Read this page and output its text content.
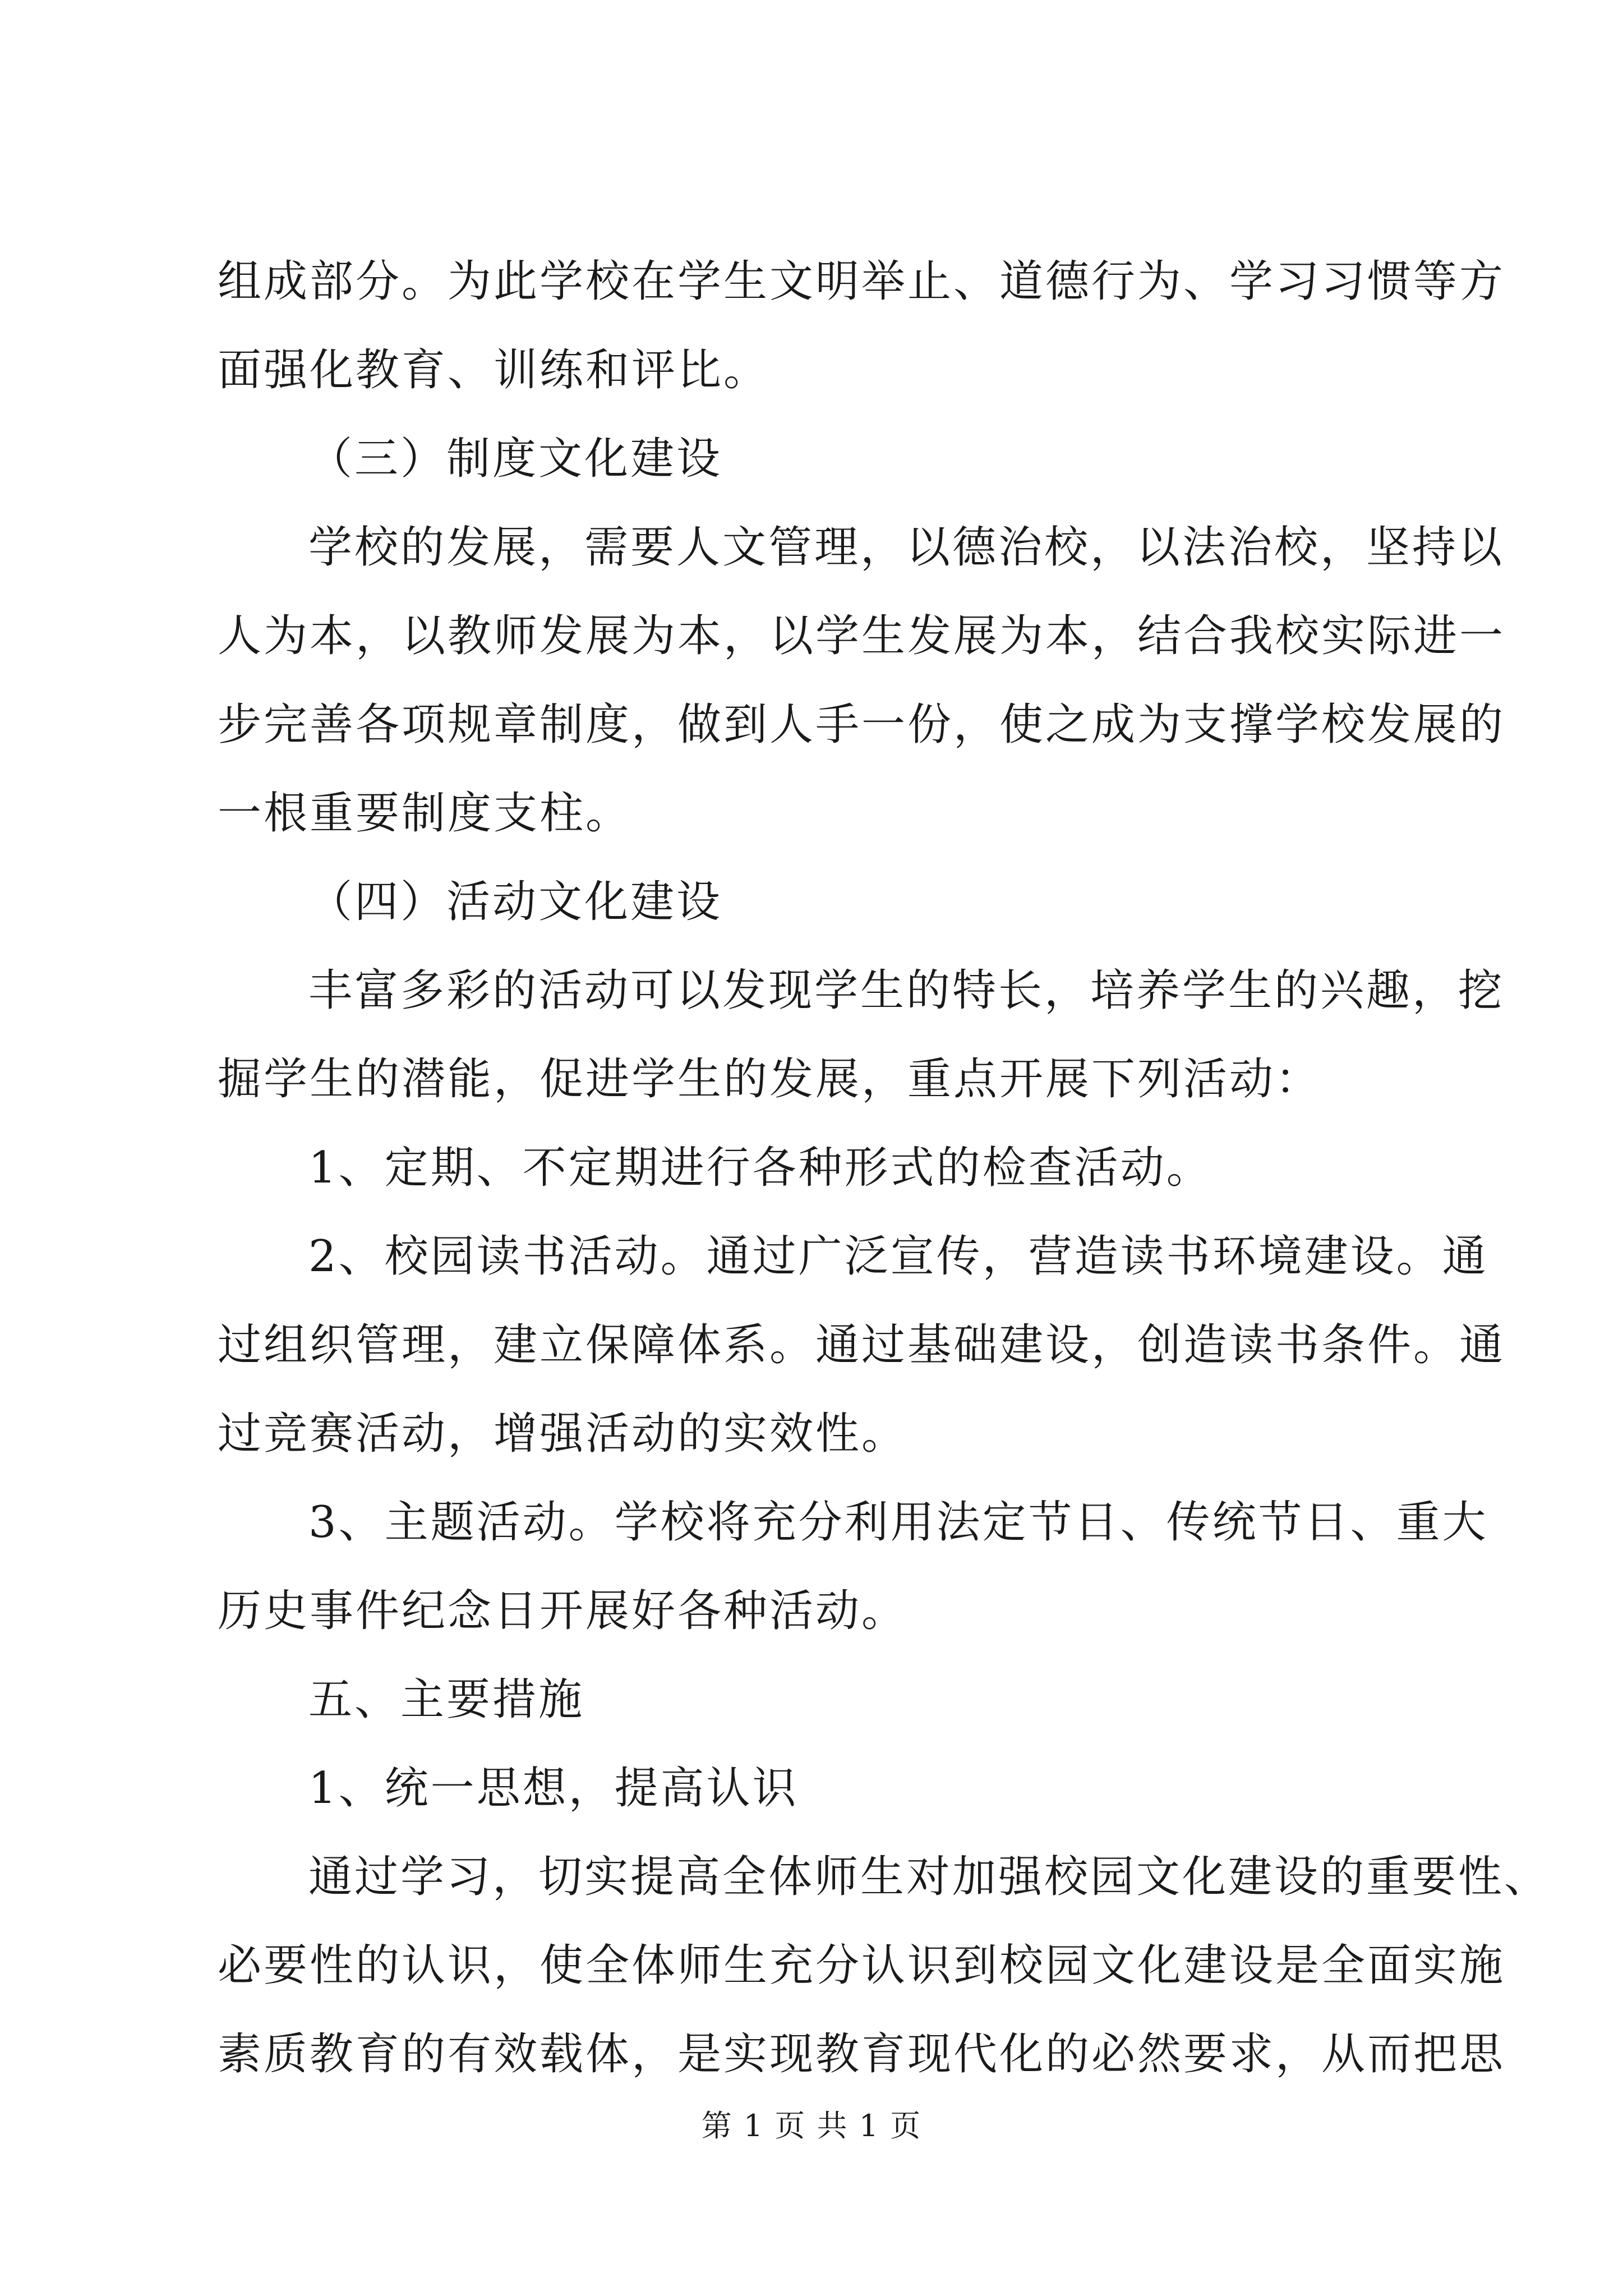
组成部分。为此学校在学生文明举止、道德行为、学习习惯等方
面强化教育、训练和评比。
（三）制度文化建设
学校的发展，需要人文管理，以德治校，以法治校，坚持以
人为本，以教师发展为本，以学生发展为本，结合我校实际进一
步完善各项规章制度，做到人手一份，使之成为支撑学校发展的
一根重要制度支柱。
（四）活动文化建设
丰富多彩的活动可以发现学生的特长，培养学生的兴趣，挖
掘学生的潜能，促进学生的发展，重点开展下列活动：
1、定期、不定期进行各种形式的检查活动。
2、校园读书活动。通过广泛宣传，营造读书环境建设。通
过组织管理，建立保障体系。通过基础建设，创造读书条件。通
过竞赛活动，增强活动的实效性。
3、主题活动。学校将充分利用法定节日、传统节日、重大
历史事件纪念日开展好各种活动。
五、主要措施
1、统一思想，提高认识
通过学习，切实提高全体师生对加强校园文化建设的重要性、
必要性的认识，使全体师生充分认识到校园文化建设是全面实施
素质教育的有效载体，是实现教育现代化的必然要求，从而把思
第 1 页 共 1 页
